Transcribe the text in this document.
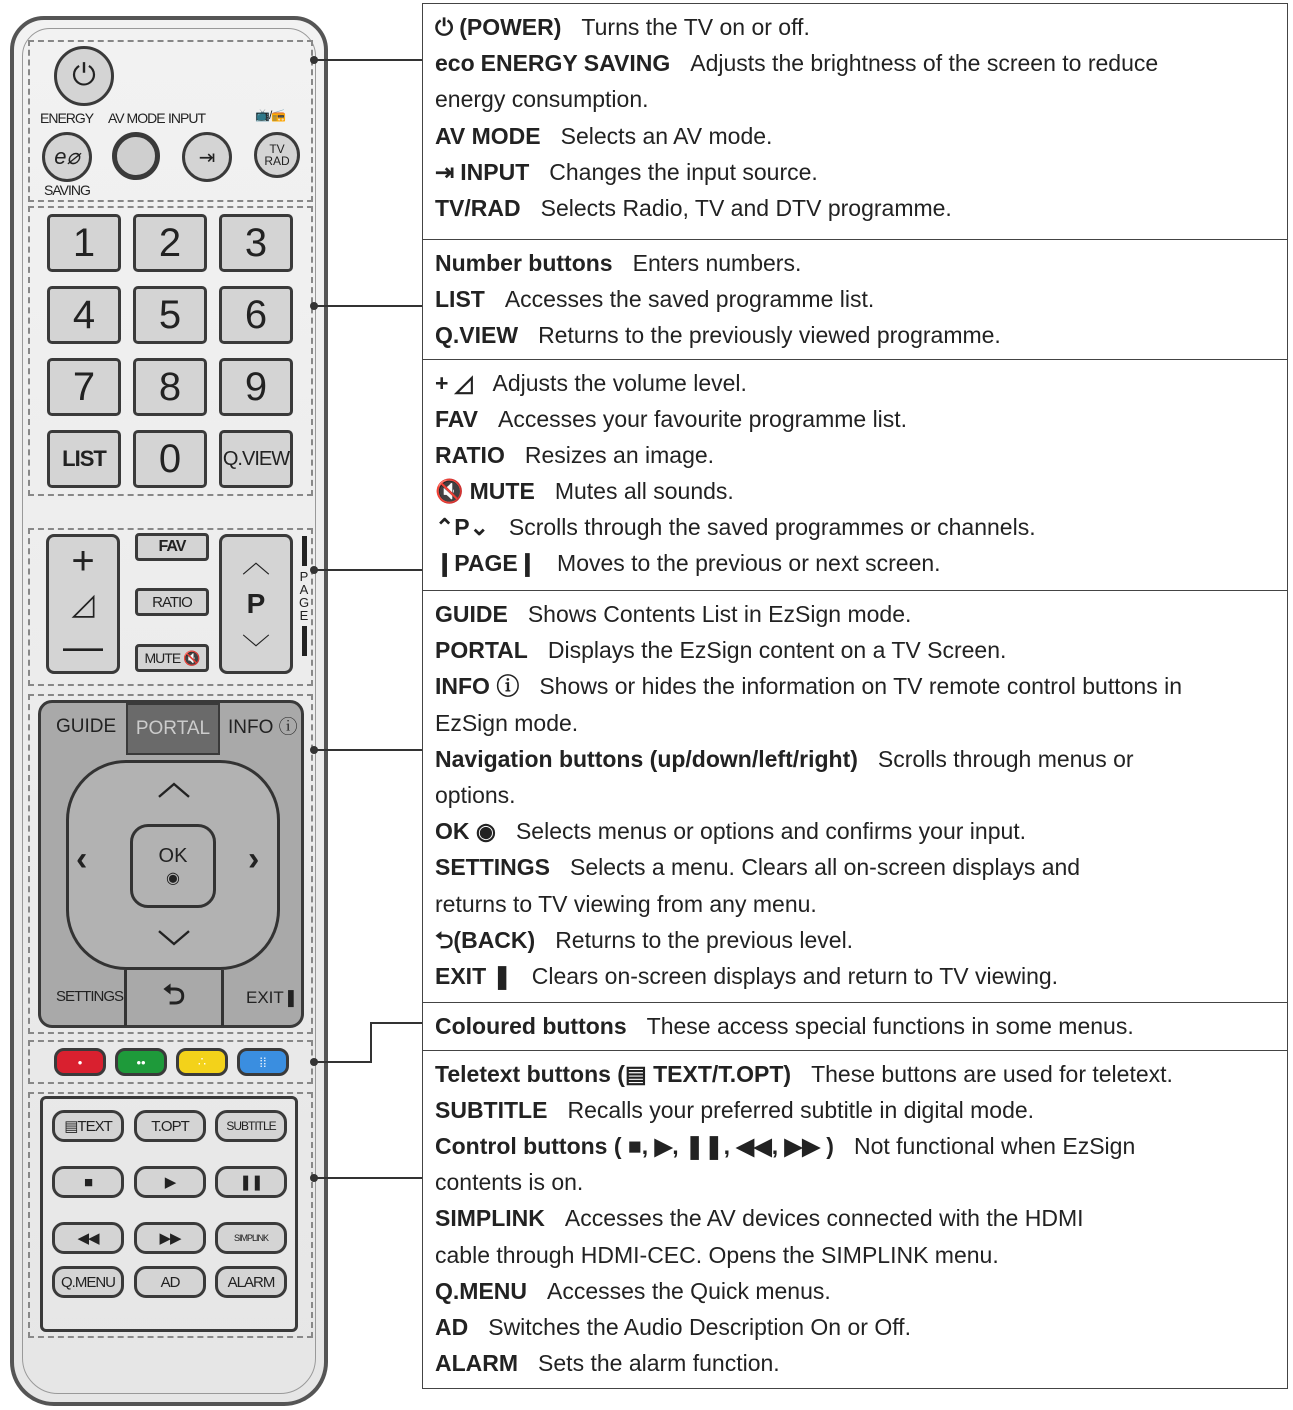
⏻
ENERGY AV MODE INPUT	📺/📻
e⌀
SAVING
⇥	TV
RAD
1 2 3
4 5 6
7 8 9
LIST 0 Q.VIEW
+
◿
—
FAV
RATIO
MUTE
🔇
︿
P
﹀
PAGE
GUIDE PORTAL INFO ⓘ
︿
﹀
‹	›
OK
◉
SETTINGS ⮌	EXIT❚
•	••	∴	⁞⁞
▤ TEXT	T.OPT	SUBTITLE
■	▶	❚❚
◀◀	▶▶	SIMPLINK
Q.MENU	AD	ALARM
⏻ (POWER) Turns the TV on or off.
eco ENERGY SAVING Adjusts the brightness of the screen to reduce
energy consumption.
AV MODE Selects an AV mode.
⇥ INPUT Changes the input source.
TV/RAD Selects Radio, TV and DTV programme.
Number buttons Enters numbers.
LIST Accesses the saved programme list.
Q.VIEW Returns to the previously viewed programme.
+ ◿ Adjusts the volume level.
FAV Accesses your favourite programme list.
RATIO Resizes an image.
🔇 MUTE Mutes all sounds.
⌃P⌄ Scrolls through the saved programmes or channels.
❙PAGE❙ Moves to the previous or next screen.
GUIDE Shows Contents List in EzSign mode.
PORTAL Displays the EzSign content on a TV Screen.
INFO ⓘ Shows or hides the information on TV remote control buttons in
EzSign mode.
Navigation buttons (up/down/left/right) Scrolls through menus or
options.
OK ◉ Selects menus or options and confirms your input.
SETTINGS Selects a menu. Clears all on-screen displays and
returns to TV viewing from any menu.
⮌(BACK) Returns to the previous level.
EXIT ❚ Clears on-screen displays and return to TV viewing.
Coloured buttons These access special functions in some menus.
Teletext buttons (▤ TEXT/T.OPT) These buttons are used for teletext.
SUBTITLE Recalls your preferred subtitle in digital mode.
Control buttons ( ■, ▶, ❚❚, ◀◀, ▶▶ ) Not functional when EzSign
contents is on.
SIMPLINK Accesses the AV devices connected with the HDMI
cable through HDMI-CEC. Opens the SIMPLINK menu.
Q.MENU Accesses the Quick menus.
AD Switches the Audio Description On or Off.
ALARM Sets the alarm function.
